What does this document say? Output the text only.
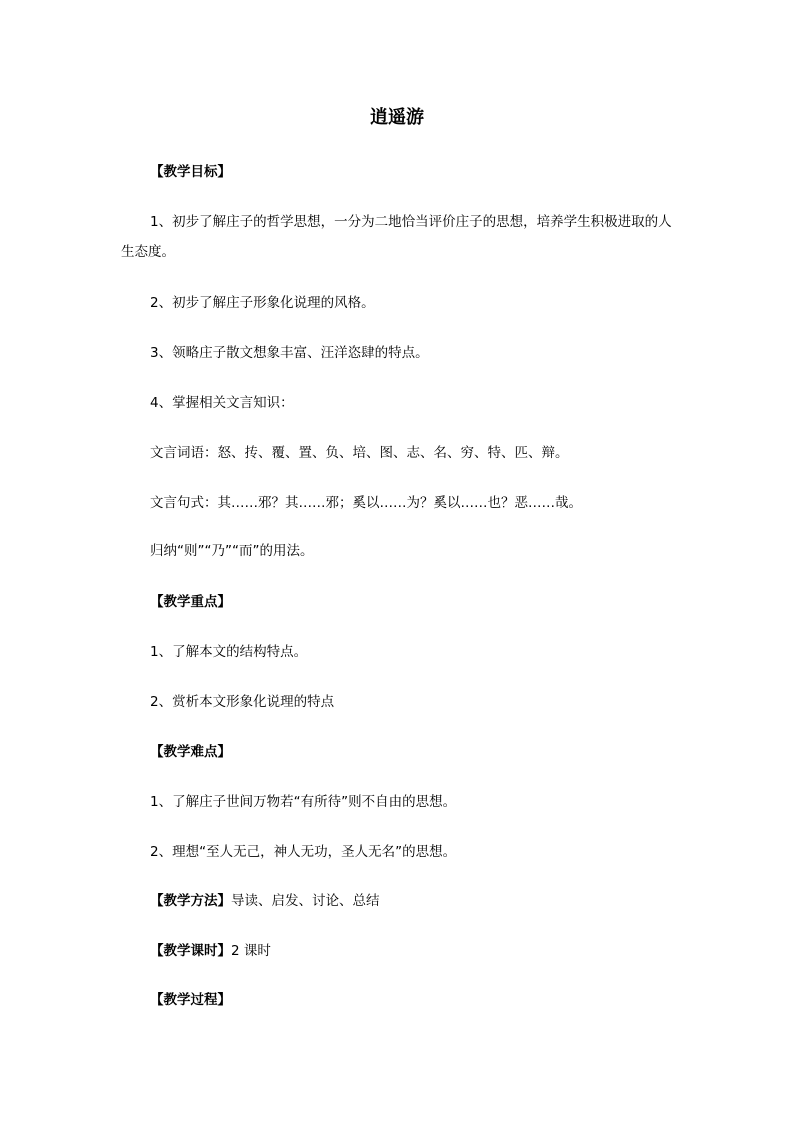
逍遥游
【教学目标】
1、初步了解庄子的哲学思想，一分为二地恰当评价庄子的思想，培养学生积极进取的人生态度。
2、初步了解庄子形象化说理的风格。
3、领略庄子散文想象丰富、汪洋恣肆的特点。
4、掌握相关文言知识：
文言词语：怒、抟、覆、置、负、培、图、志、名、穷、特、匹、辩。
文言句式：其……邪？其……邪；奚以……为？奚以……也？恶……哉。
归纳“则”“乃”“而”的用法。
【教学重点】
1、了解本文的结构特点。
2、赏析本文形象化说理的特点
【教学难点】
1、了解庄子世间万物若“有所待”则不自由的思想。
2、理想“至人无己，神人无功，圣人无名”的思想。
【教学方法】导读、启发、讨论、总结
【教学课时】2 课时
【教学过程】
